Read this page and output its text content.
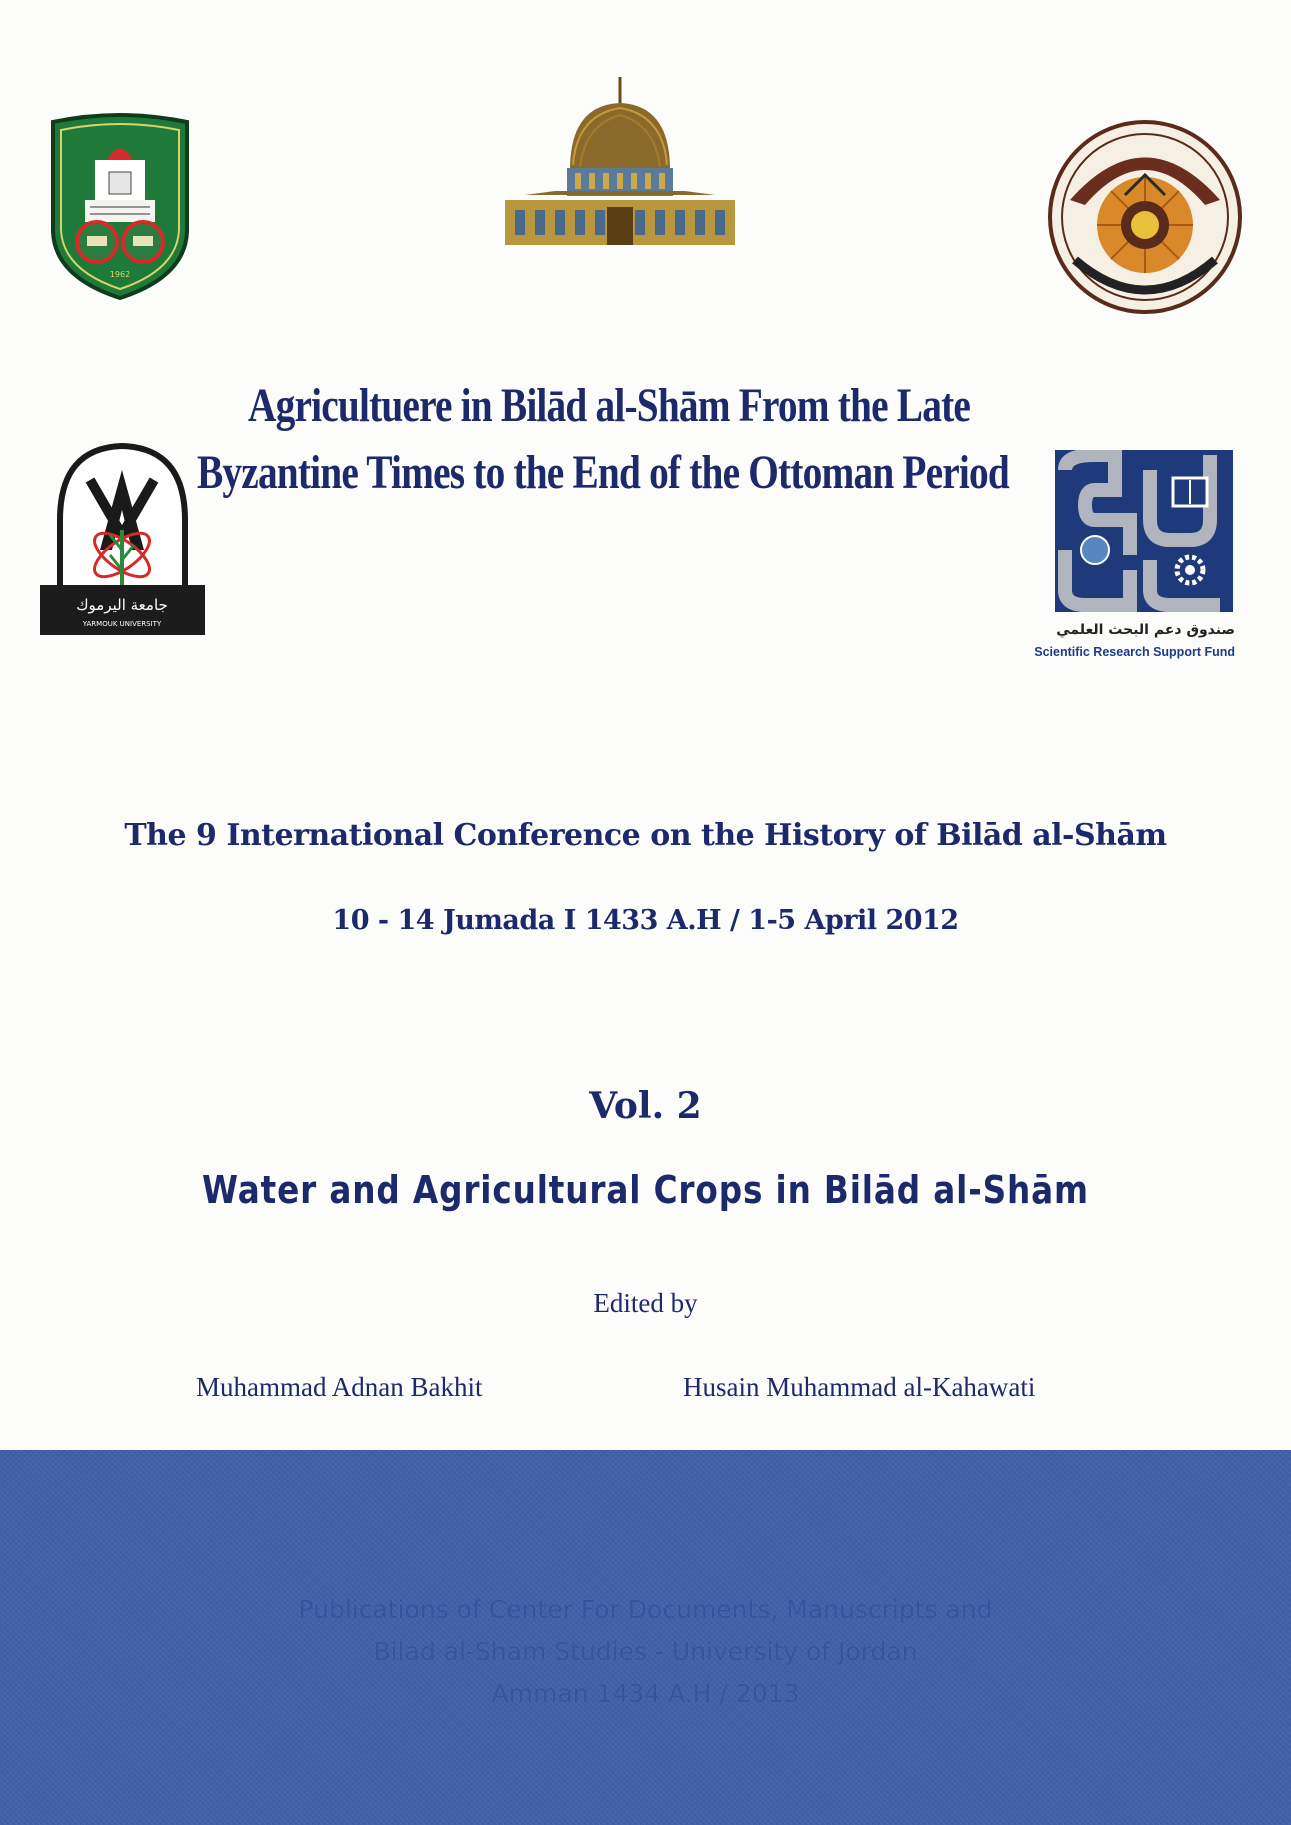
1962
جامعة اليرموك
YARMOUK UNIVERSITY	صندوق دعم البحث العلمي
Scientific Research Support Fund
Agricultuere in Bilād al-Shām From the Late
Byzantine Times to the End of the Ottoman Period
The 9 International Conference on the History of Bilād al-Shām
10 - 14 Jumada I 1433 A.H / 1-5 April 2012
Vol. 2
Water and Agricultural Crops in Bilād al-Shām
Edited by
Muhammad Adnan Bakhit	Husain Muhammad al-Kahawati
Publications of Center For Documents, Manuscripts and
Bilad al-Sham Studies - University of Jordan
Amman 1434 A.H / 2013
